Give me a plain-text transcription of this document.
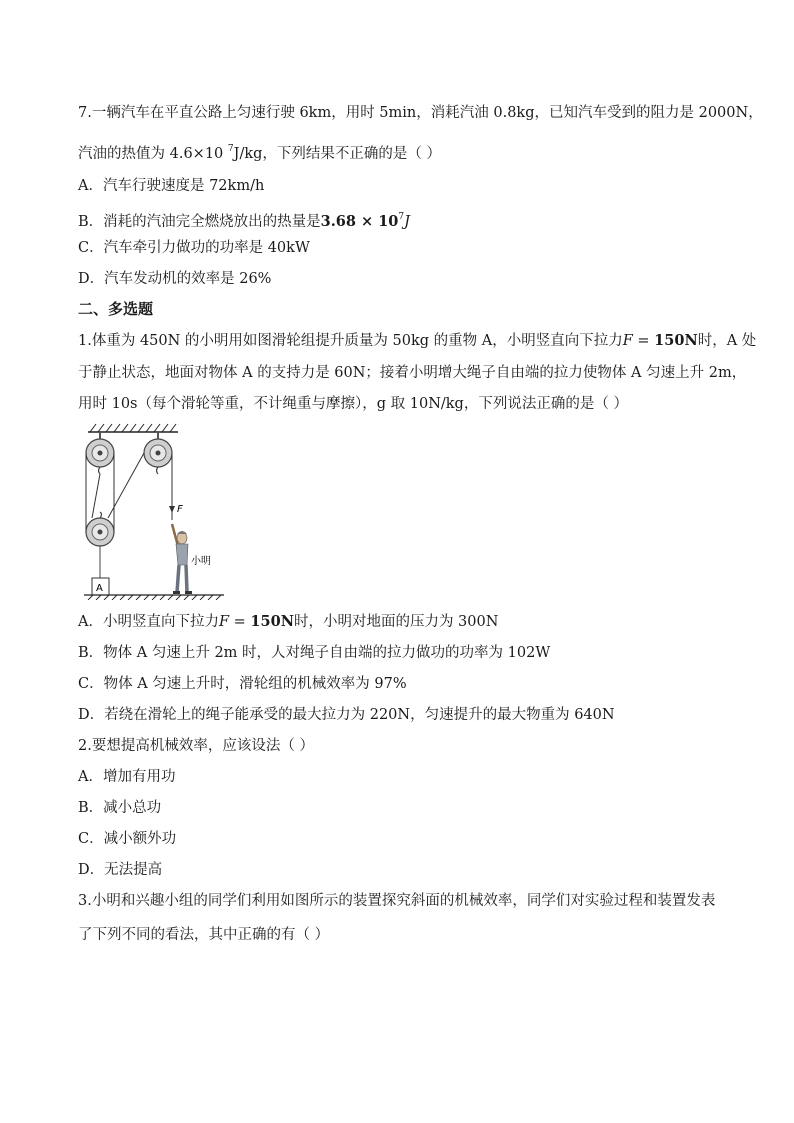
7.一辆汽车在平直公路上匀速行驶 6km，用时 5min，消耗汽油 0.8kg，已知汽车受到的阻力是 2000N，
汽油的热值为 4.6×10 $^7$J/kg，下列结果不正确的是（ ）
A．汽车行驶速度是 72km/h
B．消耗的汽油完全燃烧放出的热量是$3.68 \times 10^7J$
C．汽车牵引力做功的功率是 40kW
D．汽车发动机的效率是 26%
二、多选题
1.体重为 450N 的小明用如图滑轮组提升质量为 50kg 的重物 A，小明竖直向下拉力F = 150N时，A 处
于静止状态，地面对物体 A 的支持力是 60N；接着小明增大绳子自由端的拉力使物体 A 匀速上升 2m，
用时 10s（每个滑轮等重，不计绳重与摩擦），g 取 10N/kg，下列说法正确的是（ ）
F
小明
A
A．小明竖直向下拉力F = 150N时，小明对地面的压力为 300N
B．物体 A 匀速上升 2m 时，人对绳子自由端的拉力做功的功率为 102W
C．物体 A 匀速上升时，滑轮组的机械效率为 97%
D．若绕在滑轮上的绳子能承受的最大拉力为 220N，匀速提升的最大物重为 640N
2.要想提高机械效率，应该设法（ ）
A．增加有用功
B．减小总功
C．减小额外功
D．无法提高
3.小明和兴趣小组的同学们利用如图所示的装置探究斜面的机械效率，同学们对实验过程和装置发表
了下列不同的看法，其中正确的有（ ）
